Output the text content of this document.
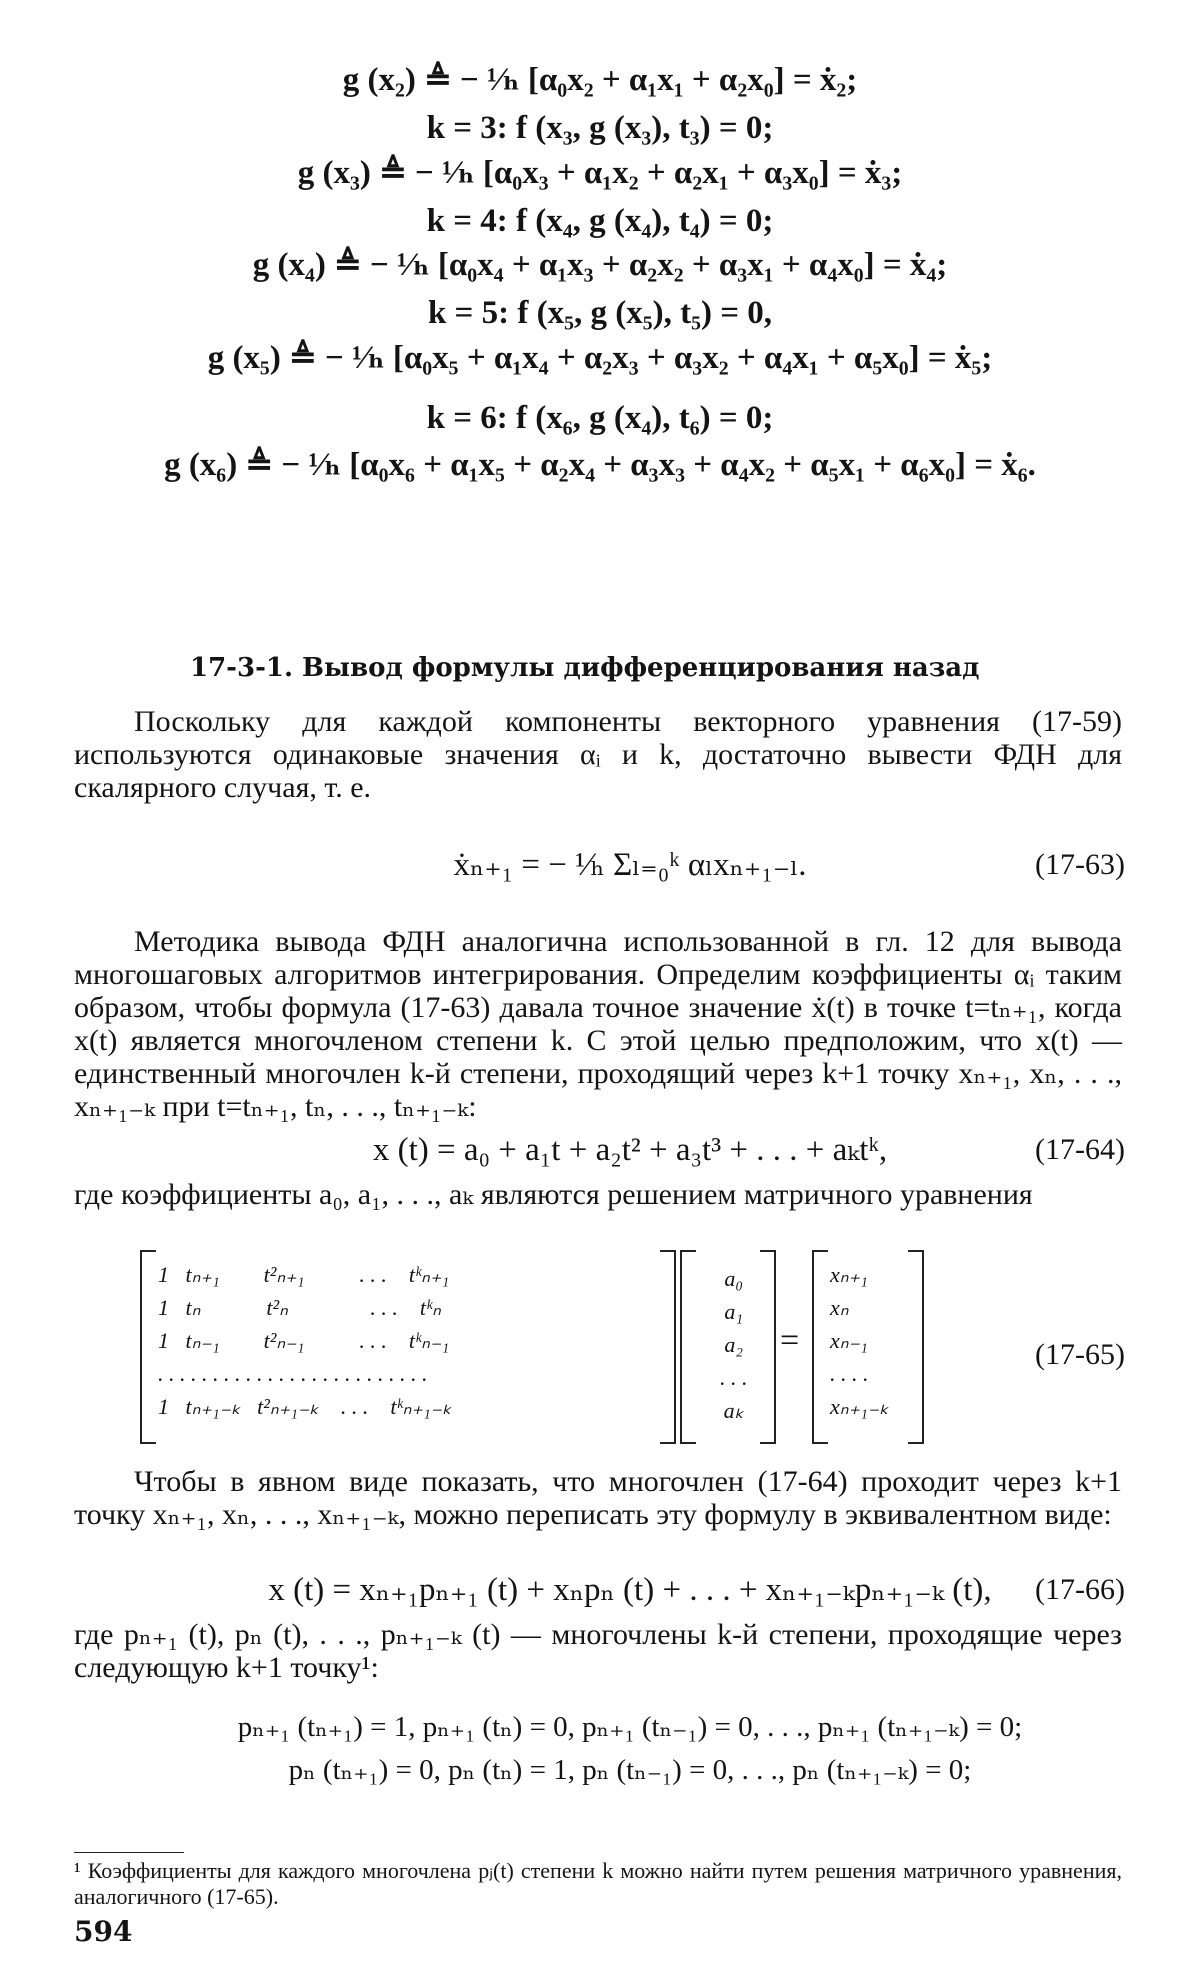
g (x₂) ≜ − ¹⁄ₕ [α₀x₂ + α₁x₁ + α₂x₀] = ẋ₂;
k = 3: f (x₃, g (x₃), t₃) = 0;
g (x₃) ≜ − ¹⁄ₕ [α₀x₃ + α₁x₂ + α₂x₁ + α₃x₀] = ẋ₃;
k = 4: f (x₄, g (x₄), t₄) = 0;
g (x₄) ≜ − ¹⁄ₕ [α₀x₄ + α₁x₃ + α₂x₂ + α₃x₁ + α₄x₀] = ẋ₄;
k = 5: f (x₅, g (x₅), t₅) = 0,
g (x₅) ≜ − ¹⁄ₕ [α₀x₅ + α₁x₄ + α₂x₃ + α₃x₂ + α₄x₁ + α₅x₀] = ẋ₅;
k = 6: f (x₆, g (x₄), t₆) = 0;
g (x₆) ≜ − ¹⁄ₕ [α₀x₆ + α₁x₅ + α₂x₄ + α₃x₃ + α₄x₂ + α₅x₁ + α₆x₀] = ẋ₆.
17-3-1. Вывод формулы дифференцирования назад

Поскольку для каждой компоненты векторного уравнения (17-59) используются одинаковые значения αᵢ и k, достаточно вывести ФДН для скалярного случая, т. е.

ẋₙ₊₁ = − ¹⁄ₕ Σₗ₌₀ᵏ αₗxₙ₊₁₋ₗ.	(17-63)

Методика вывода ФДН аналогична использованной в гл. 12 для вывода многошаговых алгоритмов интегрирования. Определим коэффициенты αᵢ таким образом, чтобы формула (17-63) давала точное значение ẋ(t) в точке t=tₙ₊₁, когда x(t) является многочленом степени k. С этой целью предположим, что x(t) — единственный многочлен k-й степени, проходящий через k+1 точку xₙ₊₁, xₙ, . . ., xₙ₊₁₋ₖ при t=tₙ₊₁, tₙ, . . ., tₙ₊₁₋ₖ:

x (t) = a₀ + a₁t + a₂t² + a₃t³ + . . . + aₖtᵏ,	(17-64)

где коэффициенты a₀, a₁, . . ., aₖ являются решением матричного уравнения

1   tₙ₊₁        t²ₙ₊₁          . . .    tᵏₙ₊₁
1   tₙ            t²ₙ               . . .    tᵏₙ
1   tₙ₋₁        t²ₙ₋₁          . . .    tᵏₙ₋₁
. . . . . . . . . . . . . . . . . . . . . . . . .
1   tₙ₊₁₋ₖ   t²ₙ₊₁₋ₖ    . . .    tᵏₙ₊₁₋ₖ
a₀
a₁
a₂
. . .
aₖ
=
xₙ₊₁
xₙ
xₙ₋₁
. . . .
xₙ₊₁₋ₖ
(17-65)

Чтобы в явном виде показать, что многочлен (17-64) проходит через k+1 точку xₙ₊₁, xₙ, . . ., xₙ₊₁₋ₖ, можно переписать эту формулу в эквивалентном виде:

x (t) = xₙ₊₁pₙ₊₁ (t) + xₙpₙ (t) + . . . + xₙ₊₁₋ₖpₙ₊₁₋ₖ (t),	(17-66)

где pₙ₊₁ (t), pₙ (t), . . ., pₙ₊₁₋ₖ (t) — многочлены k-й степени, проходящие через следующую k+1 точку¹:

pₙ₊₁ (tₙ₊₁) = 1, pₙ₊₁ (tₙ) = 0, pₙ₊₁ (tₙ₋₁) = 0, . . ., pₙ₊₁ (tₙ₊₁₋ₖ) = 0;
pₙ (tₙ₊₁) = 0, pₙ (tₙ) = 1, pₙ (tₙ₋₁) = 0, . . ., pₙ (tₙ₊₁₋ₖ) = 0;
¹ Коэффициенты для каждого многочлена pⱼ(t) степени k можно найти путем решения матричного уравнения, аналогичного (17-65).
594
